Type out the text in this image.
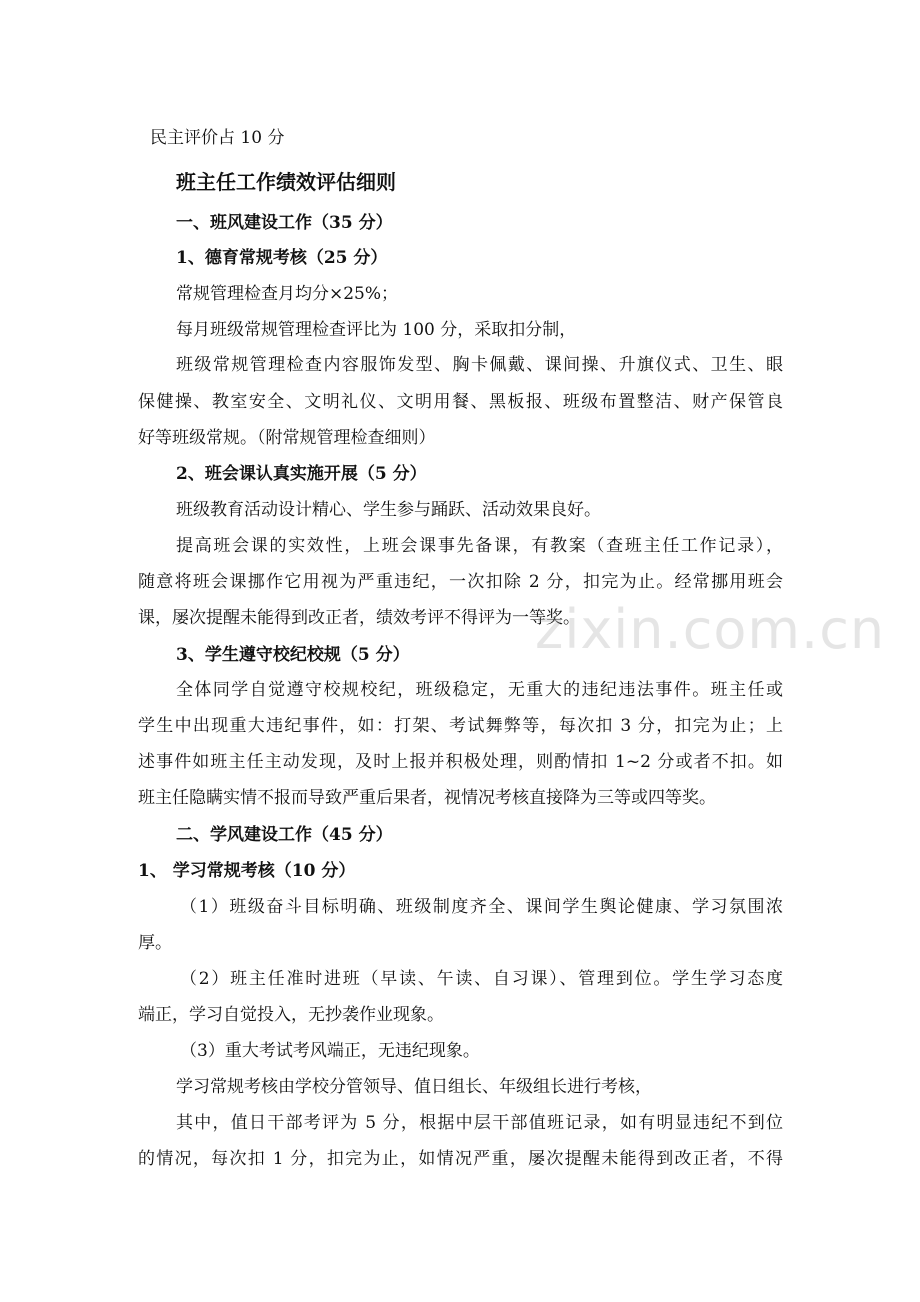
民主评价占 10 分
班主任工作绩效评估细则
一、班风建设工作（35 分）
1、德育常规考核（25 分）
常规管理检查月均分×25%；
每月班级常规管理检查评比为 100 分，采取扣分制，
班级常规管理检查内容服饰发型、胸卡佩戴、课间操、升旗仪式、卫生、眼
保健操、教室安全、文明礼仪、文明用餐、黑板报、班级布置整洁、财产保管良
好等班级常规。（附常规管理检查细则）
2、班会课认真实施开展（5 分）
班级教育活动设计精心、学生参与踊跃、活动效果良好。
提高班会课的实效性，上班会课事先备课，有教案（查班主任工作记录），
随意将班会课挪作它用视为严重违纪，一次扣除 2 分，扣完为止。经常挪用班会
课，屡次提醒未能得到改正者，绩效考评不得评为一等奖。
3、学生遵守校纪校规（5 分）
全体同学自觉遵守校规校纪，班级稳定，无重大的违纪违法事件。班主任或
学生中出现重大违纪事件，如：打架、考试舞弊等，每次扣 3 分，扣完为止；上
述事件如班主任主动发现，及时上报并积极处理，则酌情扣 1~2 分或者不扣。如
班主任隐瞒实情不报而导致严重后果者，视情况考核直接降为三等或四等奖。
二、学风建设工作（45 分）
1、 学习常规考核（10 分）
（1）班级奋斗目标明确、班级制度齐全、课间学生舆论健康、学习氛围浓
厚。
（2）班主任准时进班（早读、午读、自习课）、管理到位。学生学习态度
端正，学习自觉投入，无抄袭作业现象。
（3）重大考试考风端正，无违纪现象。
学习常规考核由学校分管领导、值日组长、年级组长进行考核，
其中，值日干部考评为 5 分，根据中层干部值班记录，如有明显违纪不到位
的情况，每次扣 1 分，扣完为止，如情况严重，屡次提醒未能得到改正者，不得
zixin.com.cn
